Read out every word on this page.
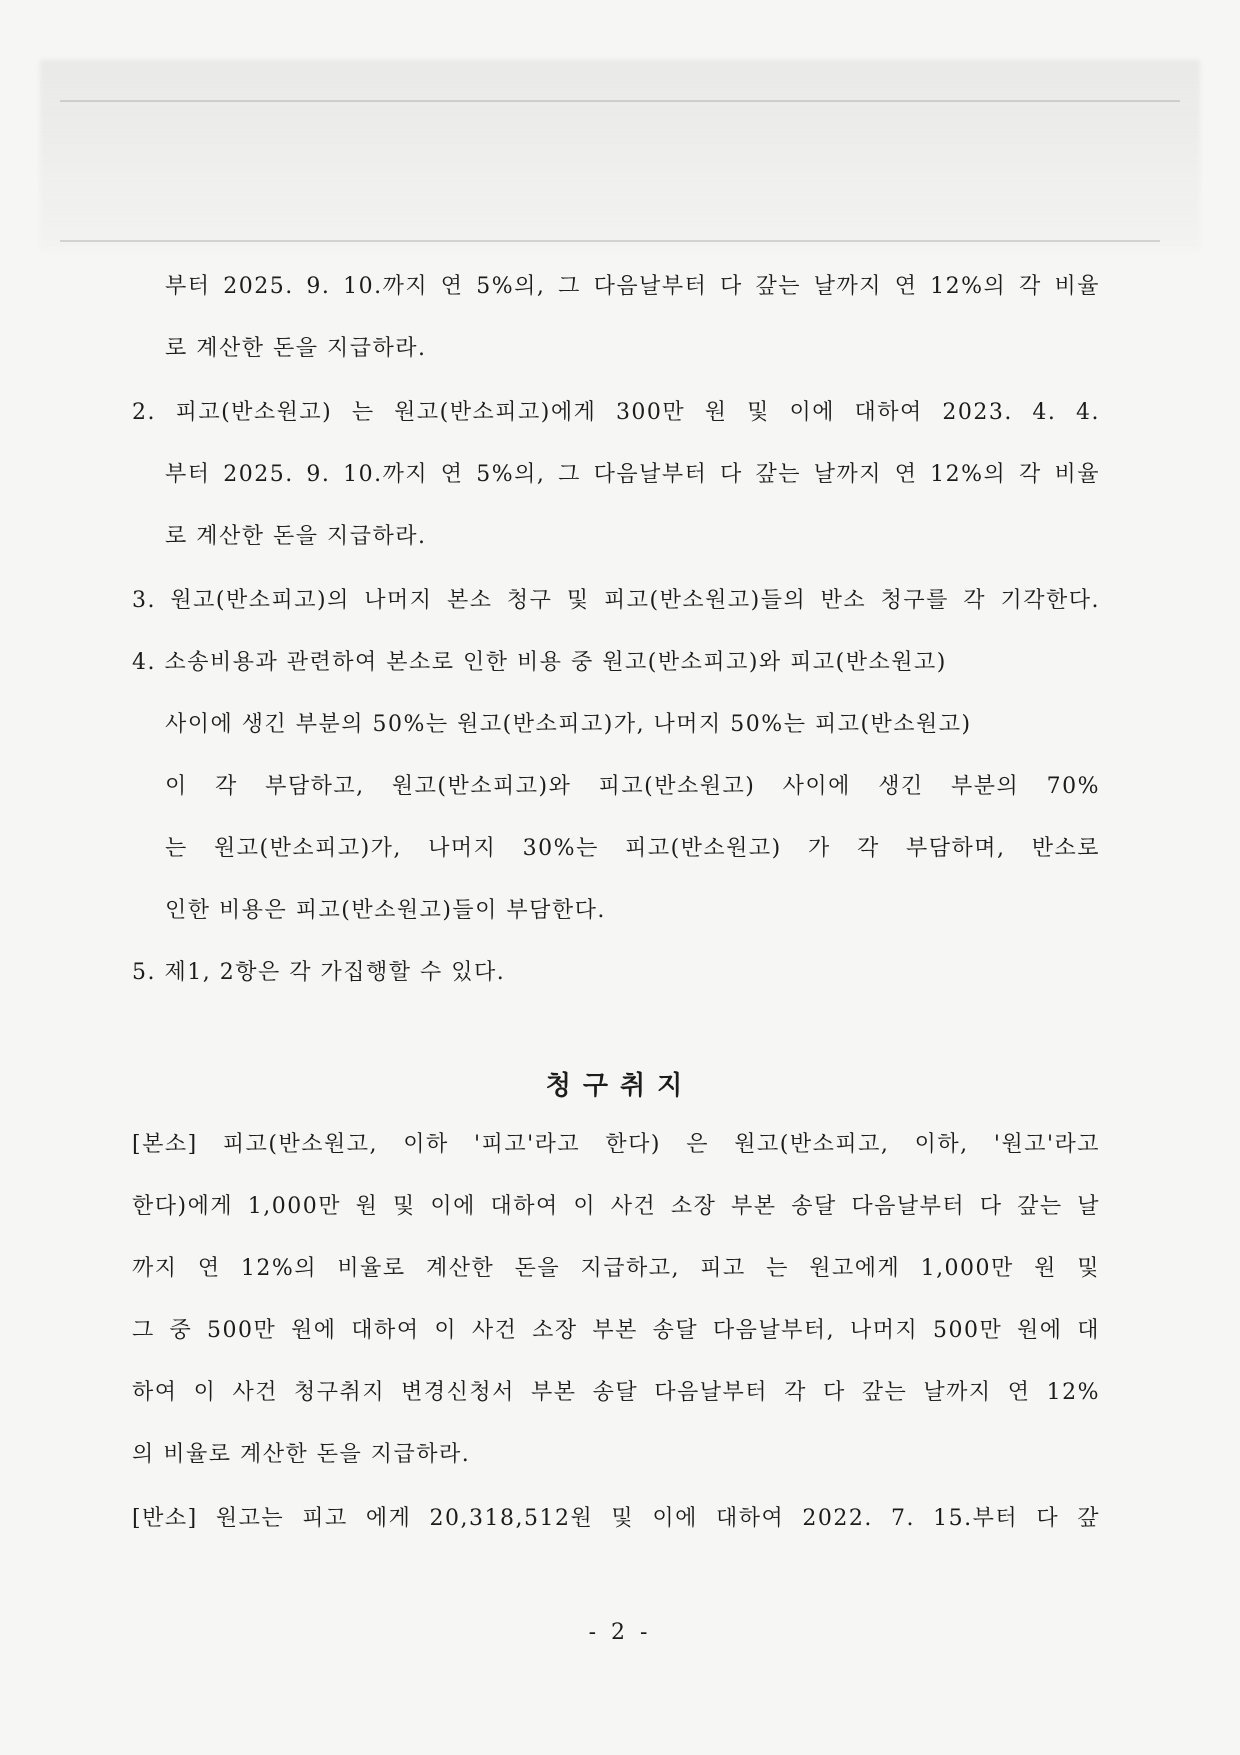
부터 2025. 9. 10.까지 연 5%의, 그 다음날부터 다 갚는 날까지 연 12%의 각 비율
로 계산한 돈을 지급하라.
2. 피고(반소원고) 는 원고(반소피고)에게 300만 원 및 이에 대하여 2023. 4. 4.
부터 2025. 9. 10.까지 연 5%의, 그 다음날부터 다 갚는 날까지 연 12%의 각 비율
로 계산한 돈을 지급하라.
3. 원고(반소피고)의 나머지 본소 청구 및 피고(반소원고)들의 반소 청구를 각 기각한다.
4. 소송비용과 관련하여 본소로 인한 비용 중 원고(반소피고)와 피고(반소원고)
사이에 생긴 부분의 50%는 원고(반소피고)가, 나머지 50%는 피고(반소원고)
이 각 부담하고, 원고(반소피고)와 피고(반소원고) 사이에 생긴 부분의 70%
는 원고(반소피고)가, 나머지 30%는 피고(반소원고) 가 각 부담하며, 반소로
인한 비용은 피고(반소원고)들이 부담한다.
5. 제1, 2항은 각 가집행할 수 있다.
청구취지
[본소] 피고(반소원고, 이하 '피고'라고 한다) 은 원고(반소피고, 이하, '원고'라고
한다)에게 1,000만 원 및 이에 대하여 이 사건 소장 부본 송달 다음날부터 다 갚는 날
까지 연 12%의 비율로 계산한 돈을 지급하고, 피고 는 원고에게 1,000만 원 및
그 중 500만 원에 대하여 이 사건 소장 부본 송달 다음날부터, 나머지 500만 원에 대
하여 이 사건 청구취지 변경신청서 부본 송달 다음날부터 각 다 갚는 날까지 연 12%
의 비율로 계산한 돈을 지급하라.
[반소] 원고는 피고 에게 20,318,512원 및 이에 대하여 2022. 7. 15.부터 다 갚
- 2 -
